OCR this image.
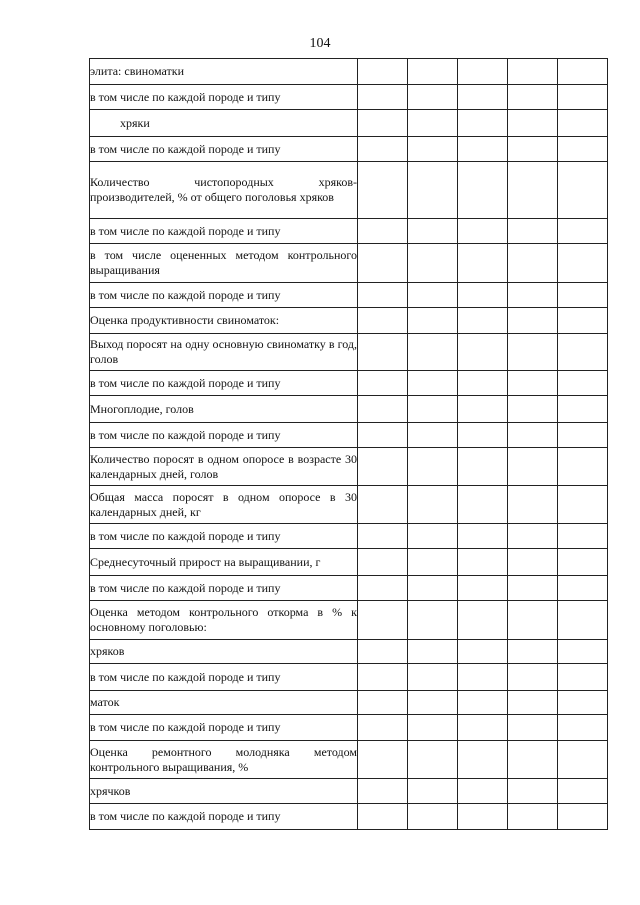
104
элита: свиноматки					
в том числе по каждой породе и типу					
хряки					
в том числе по каждой породе и типу					
Количество чистопородных хряков-производителей, % от общего поголовья хряков					
в том числе по каждой породе и типу					
в том числе оцененных методом контрольного выращивания					
в том числе по каждой породе и типу					
Оценка продуктивности свиноматок:					
Выход поросят на одну основную свиноматку в год, голов					
в том числе по каждой породе и типу					
Многоплодие, голов					
в том числе по каждой породе и типу					
Количество поросят в одном опоросе в возрасте 30 календарных дней, голов					
Общая масса поросят в одном опоросе в 30 календарных дней, кг					
в том числе по каждой породе и типу					
Среднесуточный прирост на выращивании, г					
в том числе по каждой породе и типу					
Оценка методом контрольного откорма в % к основному поголовью:					
хряков					
в том числе по каждой породе и типу					
маток					
в том числе по каждой породе и типу					
Оценка ремонтного молодняка методом контрольного выращивания, %					
хрячков					
в том числе по каждой породе и типу					
